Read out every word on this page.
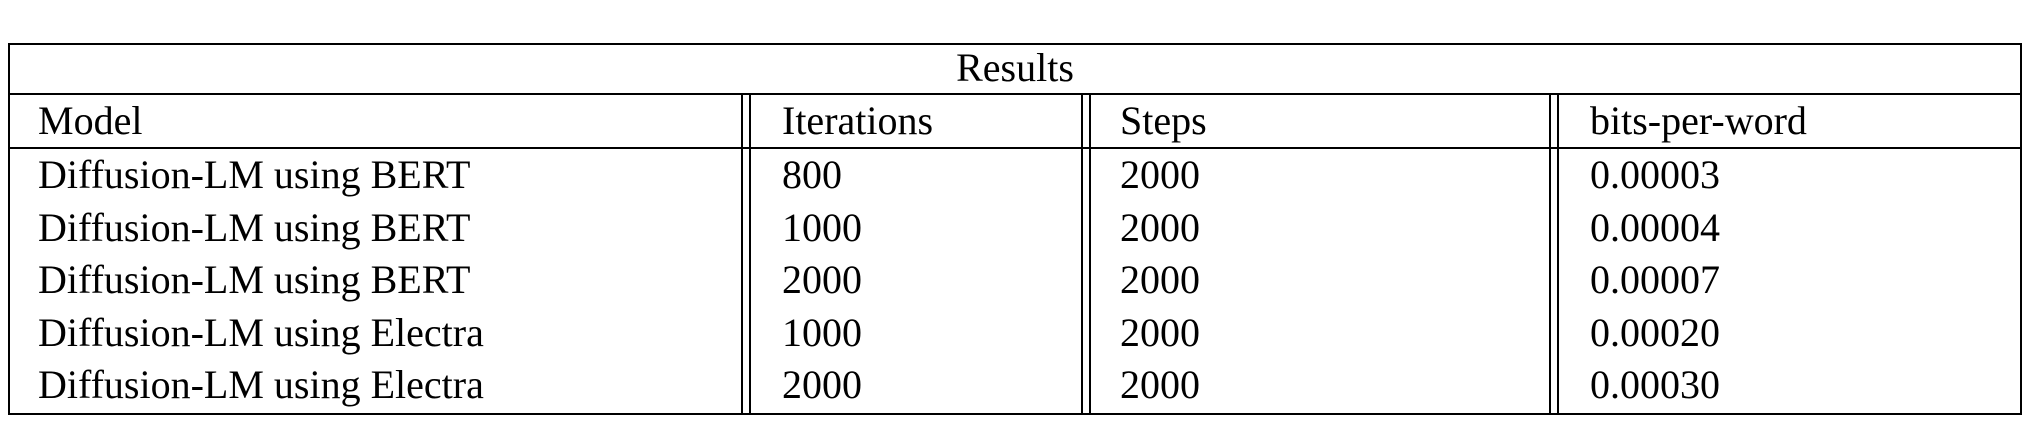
Results
Model	Iterations	Steps	bits-per-word
Diffusion-LM using BERT	800	2000	0.00003
Diffusion-LM using BERT	1000	2000	0.00004
Diffusion-LM using BERT	2000	2000	0.00007
Diffusion-LM using Electra	1000	2000	0.00020
Diffusion-LM using Electra	2000	2000	0.00030
